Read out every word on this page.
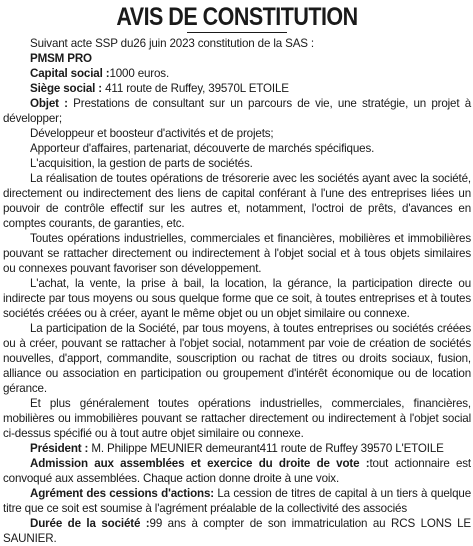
AVIS DE CONSTITUTION

Suivant acte SSP du26 juin 2023 constitution de la SAS :

PMSM PRO

Capital social :1000 euros.

Siège social : 411 route de Ruffey, 39570L ETOILE

Objet : Prestations de consultant sur un parcours de vie, une stratégie, un projet à développer;

Développeur et boosteur d'activités et de projets;

Apporteur d'affaires, partenariat, découverte de marchés spécifiques.

L'acquisition, la gestion de parts de sociétés.

La réalisation de toutes opérations de trésorerie avec les sociétés ayant avec la société, directement ou indirectement des liens de capital conférant à l'une des entreprises liées un pouvoir de contrôle effectif sur les autres et, notamment, l'octroi de prêts, d'avances en comptes courants, de garanties, etc.

Toutes opérations industrielles, commerciales et financières, mobilières et immobilières pouvant se rattacher directement ou indirectement à l'objet social et à tous objets similaires ou connexes pouvant favoriser son développement.

L'achat, la vente, la prise à bail, la location, la gérance, la participation directe ou indirecte par tous moyens ou sous quelque forme que ce soit, à toutes entreprises et à toutes sociétés créées ou à créer, ayant le même objet ou un objet similaire ou connexe.

La participation de la Société, par tous moyens, à toutes entreprises ou sociétés créées ou à créer, pouvant se rattacher à l'objet social, notamment par voie de création de sociétés nouvelles, d'apport, commandite, souscription ou rachat de titres ou droits sociaux, fusion, alliance ou association en participation ou groupement d'intérêt économique ou de location gérance.

Et plus généralement toutes opérations industrielles, commerciales, financières, mobilières ou immobilières pouvant se rattacher directement ou indirectement à l'objet social ci-dessus spécifié ou à tout autre objet similaire ou connexe.

Président : M. Philippe MEUNIER demeurant411 route de Ruffey 39570 L'ETOILE

Admission aux assemblées et exercice du droite de vote :tout actionnaire est convoqué aux assemblées. Chaque action donne droite à une voix.

Agrément des cessions d'actions: La cession de titres de capital à un tiers à quelque titre que ce soit est soumise à l'agrément préalable de la collectivité des associés

Durée de la société :99 ans à compter de son immatriculation au RCS LONS LE SAUNIER.
